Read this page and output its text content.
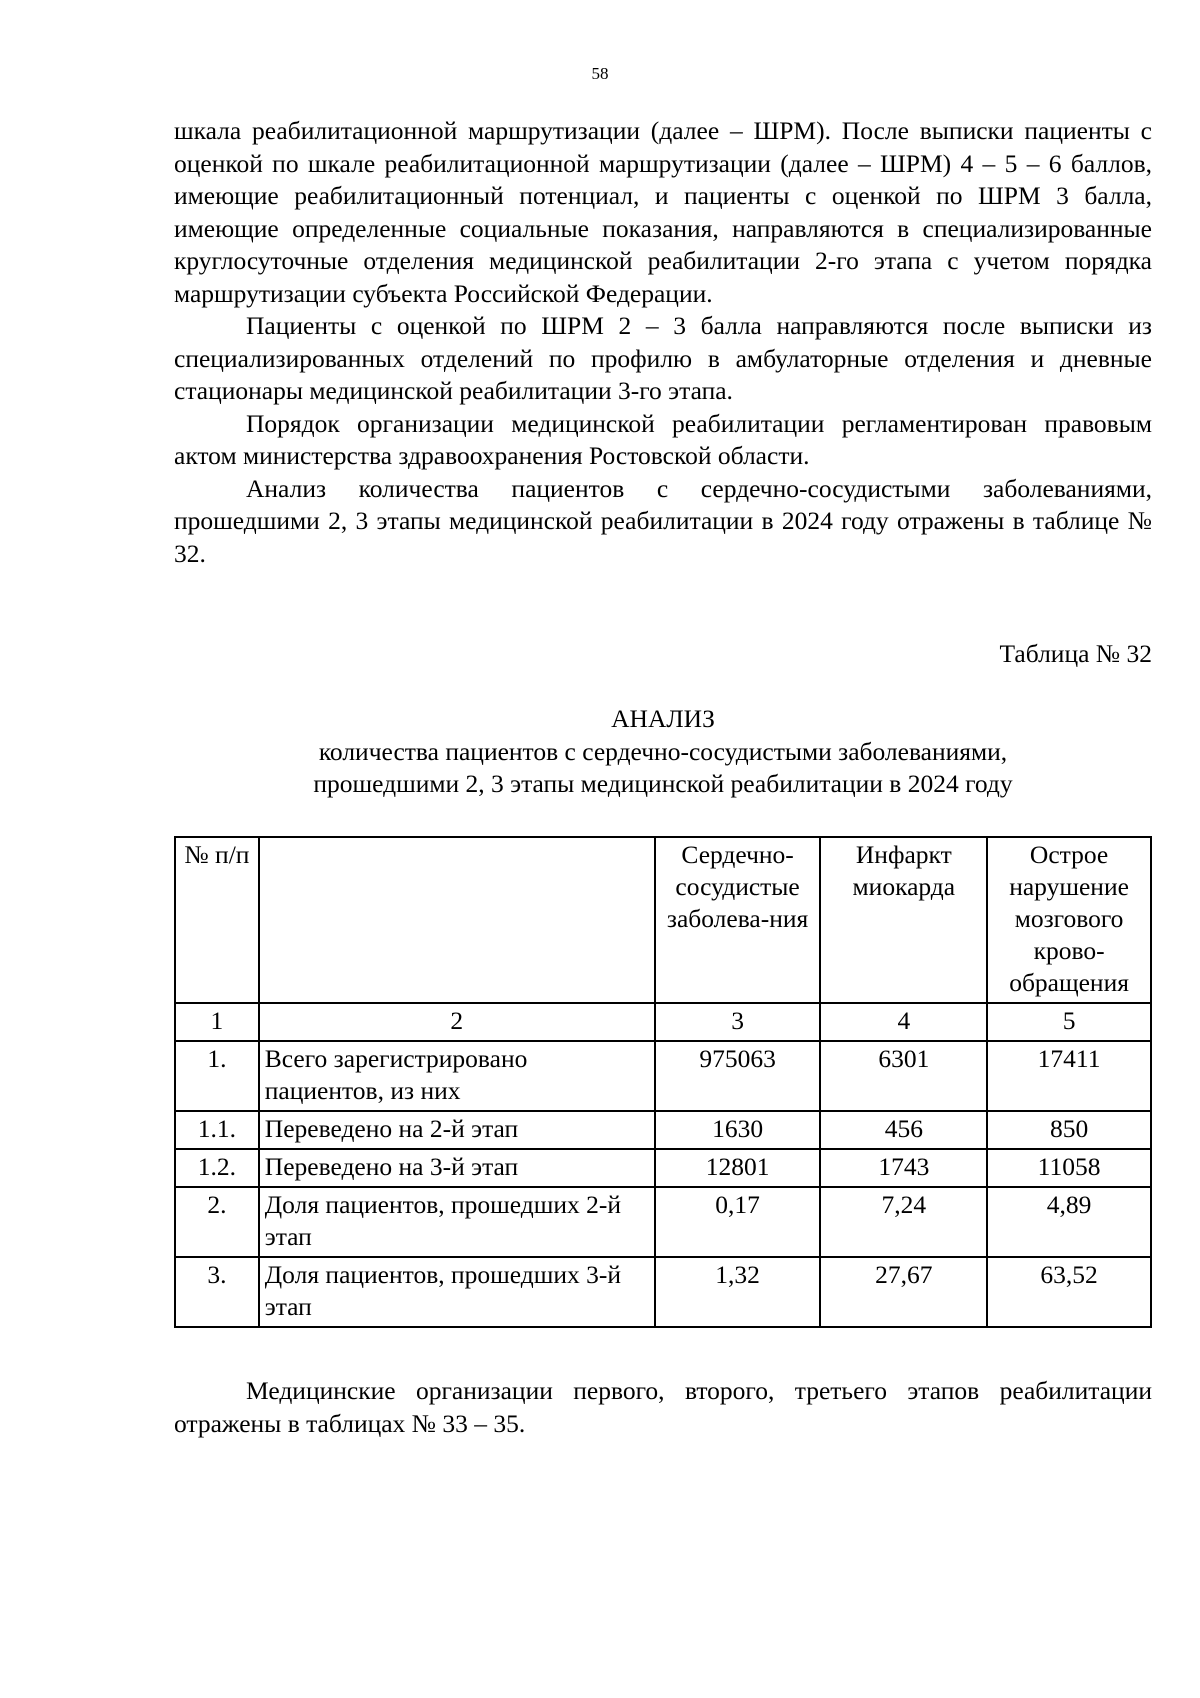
58

шкала реабилитационной маршрутизации (далее – ШРМ). После выписки пациенты с оценкой по шкале реабилитационной маршрутизации (далее – ШРМ) 4 – 5 – 6 баллов, имеющие реабилитационный потенциал, и пациенты с оценкой по ШРМ 3 балла, имеющие определенные социальные показания, направляются в специализированные круглосуточные отделения медицинской реабилитации 2-го этапа с учетом порядка маршрутизации субъекта Российской Федерации.

Пациенты с оценкой по ШРМ 2 – 3 балла направляются после выписки из специализированных отделений по профилю в амбулаторные отделения и дневные стационары медицинской реабилитации 3-го этапа.

Порядок организации медицинской реабилитации регламентирован правовым актом министерства здравоохранения Ростовской области.

Анализ количества пациентов с сердечно-сосудистыми заболеваниями, прошедшими 2, 3 этапы медицинской реабилитации в 2024 году отражены в таблице № 32.

Таблица № 32
АНАЛИЗ
количества пациентов с сердечно-сосудистыми заболеваниями,
прошедшими 2, 3 этапы медицинской реабилитации в 2024 году
№ п/п		Сердечно-сосудистые заболева-ния	Инфаркт миокарда	Острое нарушение мозгового крово-обращения
1	2	3	4	5
1.	Всего зарегистрировано пациентов, из них	975063	6301	17411
1.1.	Переведено на 2-й этап	1630	456	850
1.2.	Переведено на 3-й этап	12801	1743	11058
2.	Доля пациентов, прошедших 2-й этап	0,17	7,24	4,89
3.	Доля пациентов, прошедших 3-й этап	1,32	27,67	63,52

Медицинские организации первого, второго, третьего этапов реабилитации отражены в таблицах № 33 – 35.
